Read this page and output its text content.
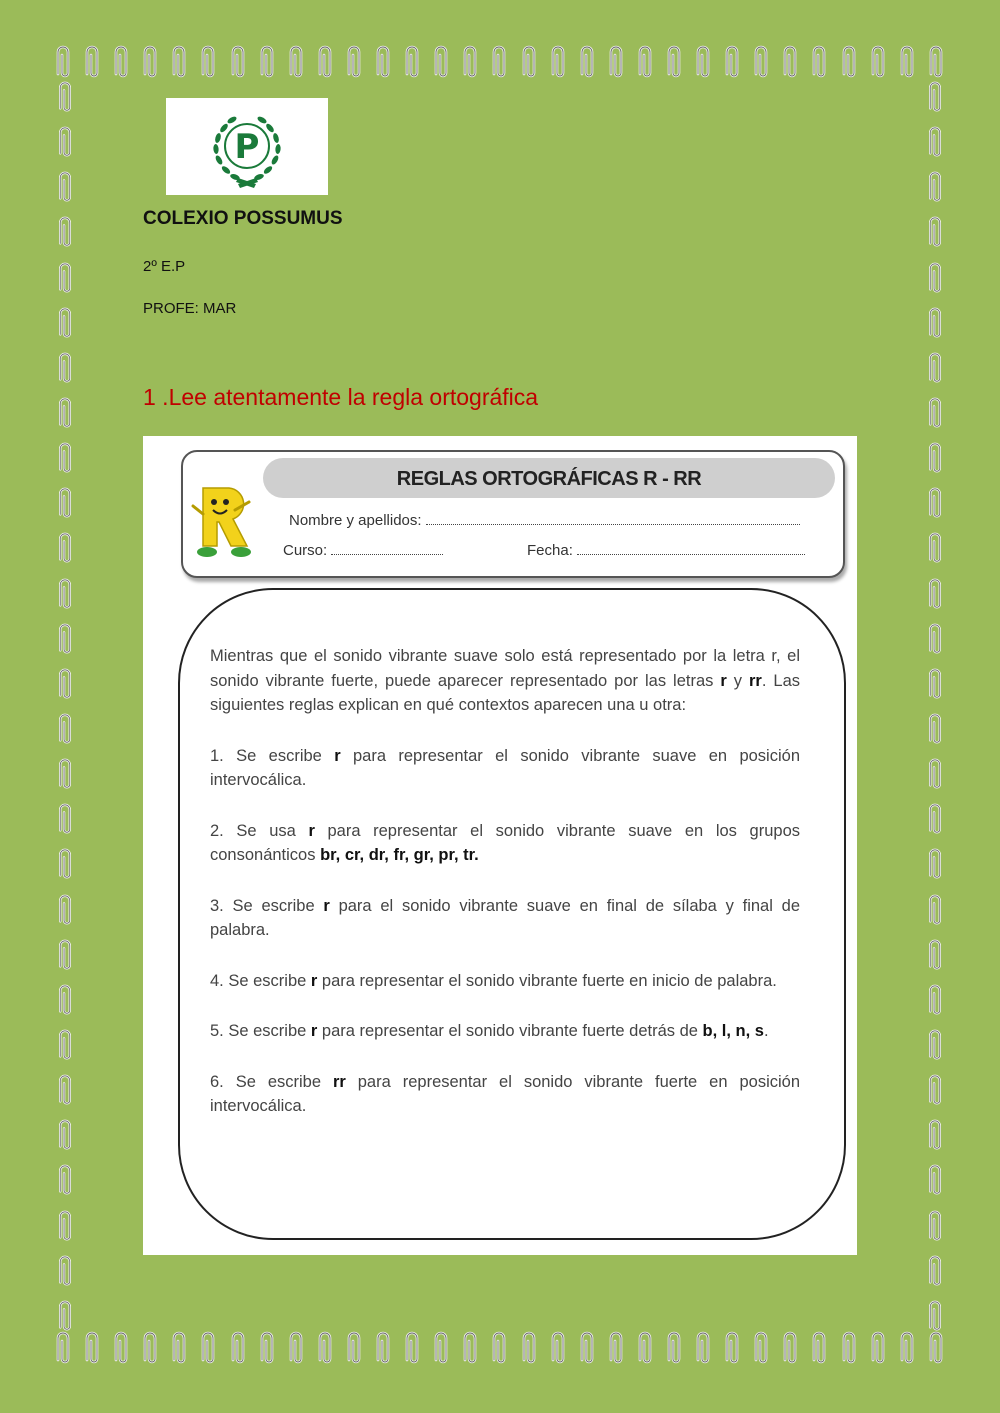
P
COLEXIO POSSUMUS
2º E.P
PROFE: MAR
1 .Lee atentamente la regla ortográfica
REGLAS ORTOGRÁFICAS R - RR
Nombre y apellidos:
Curso:	Fecha:

Mientras que el sonido vibrante suave solo está representado por la letra r, el sonido vibrante fuerte, puede aparecer representado por las letras r y rr. Las siguientes reglas explican en qué contextos aparecen una u otra:

1. Se escribe r para representar el sonido vibrante suave en posición intervocálica.

2. Se usa r para representar el sonido vibrante suave en los grupos consonánticos br, cr, dr, fr, gr, pr, tr.

3. Se escribe r para el sonido vibrante suave en final de sílaba y final de palabra.

4. Se escribe r para representar el sonido vibrante fuerte en inicio de palabra.

5. Se escribe r para representar el sonido vibrante fuerte detrás de b, l, n, s.

6. Se escribe rr para representar el sonido vibrante fuerte en posición intervocálica.
